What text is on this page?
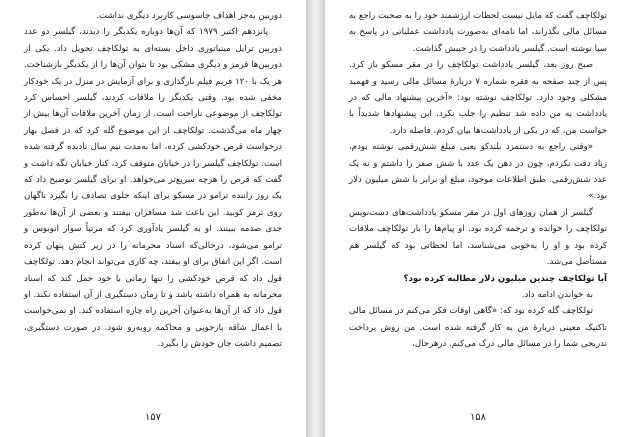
دوربین به‌جز اهداف جاسوسی کاربرد دیگری نداشت.

پانزدهم اکتبر ۱۹۷۹ که آن‌ها دوباره یکدیگر را دیدند، گیلسر دو عدد دوربین ترایل مینیاتوری داخل بسته‌ای به تولکاچف تحویل داد. یکی از دوربین‌ها قرمز و دیگری مشکی بود تا بتوان آن‌ها را از یکدیگر بازشناخت. هر یک با ۱۲۰ فریم فیلم بارگذاری و برای آزمایش در منزل در یک خودکار مخفی شده بود. وقتی یکدیگر را ملاقات کردند، گیلسر احساس کرد تولکاچف از موضوعی ناراحت است. از زمان آخرین ملاقات آن‌ها بیش از چهار ماه می‌گذشت. تولکاچف از این موضوع گله کرد که در فصل بهار درخواست قرص خودکشی کرده، اما به‌مدت نیم سال نادیده گرفته شده است. تولکاچف گیلسر را در خیابان متوقف کرد، کنار خیابان نگه داشت و گفت که قرص را هرچه سریع‌تر می‌خواهد. او برای گیلسر توضیح داد که یک روز راننده ترامو در مسکو برای اینکه جلوی تصادف را بگیرد ناگهان روی ترمز کوبید. این باعث شد مسافران بیفتند و بعضی از آن‌ها به‌طور جدی صدمه ببینند. او به گیلسر یادآوری کرد که مرتباً سوار اتوبوس و ترامو می‌شود، درحالی‌که اسناد محرمانه را در زیر کتش پنهان کرده است. اگر این اتفاق برای او بیفتد، چه کاری می‌تواند انجام دهد. تولکاچف قول داد که قرص خودکشی را تنها زمانی با خود حمل کند که اسناد محرمانه به همراه داشته باشد و تا زمان دستگیری از آن استفاده نکند. او قول داد که از آن‌ها به‌عنوان آخرین راه چاره استفاده کند. او نمی‌خواست با اعمال شاقه بازجویی و محاکمه روبه‌رو شود. در صورت دستگیری، تصمیم داشت جان خودش را بگیرد.

۱۵۷

تولکاچف گفت که مایل نیست لحظات ارزشمند خود را به صحبت راجع به مسائل مالی بگذراند، اما نامه‌ای به‌صورت یادداشت عملیاتی در پاسخ به سیا نوشته است. گیلسر یادداشت را در جیبش گذاشت.

صبح روز بعد، گیلسر یادداشت تولکاچف را در مقر مسکو باز کرد. پس از چند صفحه به فقره شماره ۷ دربارهٔ مسائل مالی رسید و فهمید مشکلی وجود دارد. تولکاچف نوشته بود: «آخرین پیشنهاد مالی که در یادداشت به من داده شد تنظیم را جلب نکرد. این پیشنهادها شدیداً با خواست من، که در یکی از یادداشت‌ها بیان کردم، فاصله دارد.

«وقتی راجع به دستمزد بلندکو یعنی مبلغ شش‌رقمی نوشته بودم، زیاد دقت نکردم، چون در ذهن یک عدد با شش صفر را داشتم و نه یک عدد شش‌رقمی. طبق اطلاعات موجود، مبلغ او برابر با شش میلیون دلار بود.»

گیلسر از همان روزهای اول در مقر مسکو یادداشت‌های دست‌نویس تولکاچف را خوانده و ترجمه کرده بود. او پیام‌ها را بار تولکاچف ملاقات کرده بود و او را به‌خوبی می‌شناسد، اما لحظاتی بود که گیلسر هم مستأصل می‌شد.

آیا تولکاچف چندین میلیون دلار مطالبه کرده بود؟

به خواندن ادامه داد.

تولکاچف گله کرده بود که: «گاهی اوقات فکر می‌کنم در مسائل مالی تاکتیک معینی دربارهٔ من به کار گرفته شده است. من روش پرداخت تدریجی شما را در مسائل مالی درک می‌کنم. درهرحال،

۱۵۸
